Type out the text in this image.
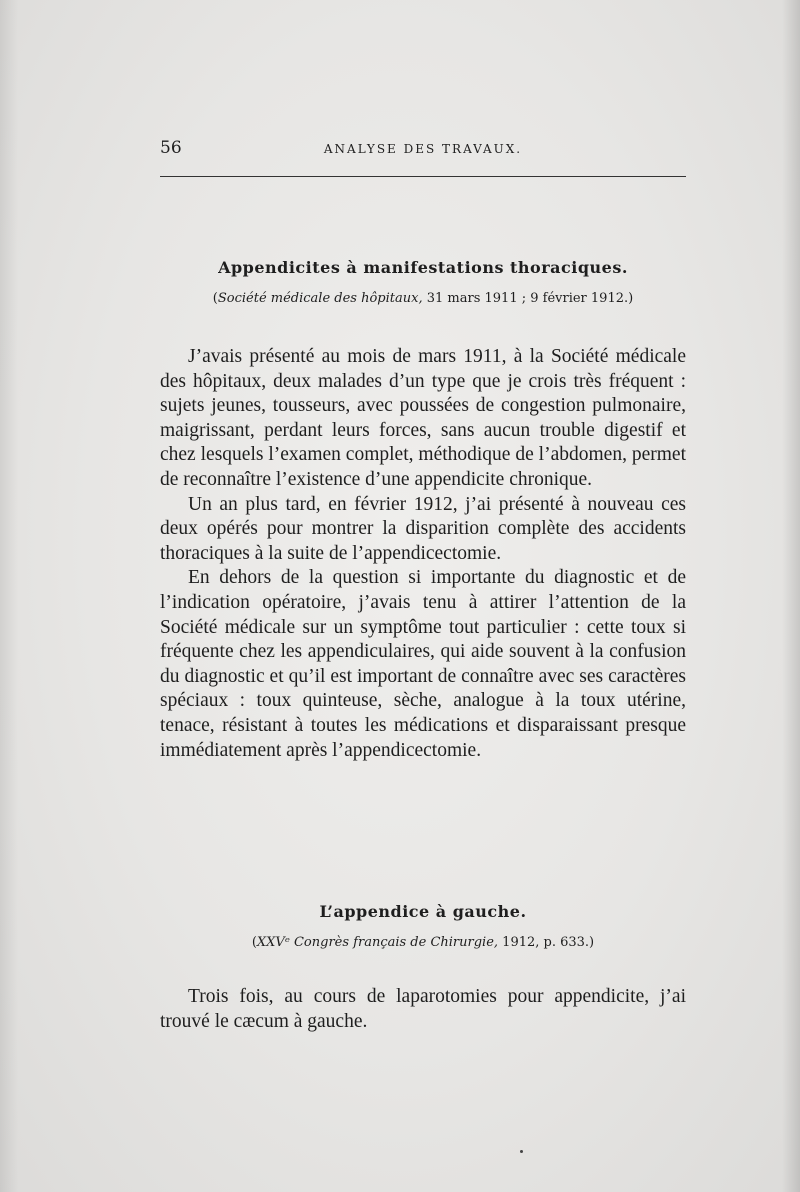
56	ANALYSE DES TRAVAUX.
Appendicites à manifestations thoraciques.
(Société médicale des hôpitaux, 31 mars 1911 ; 9 février 1912.)

J’avais présenté au mois de mars 1911, à la Société médicale des hôpitaux, deux malades d’un type que je crois très fréquent : sujets jeunes, tousseurs, avec poussées de congestion pulmonaire, maigrissant, perdant leurs forces, sans aucun trouble digestif et chez lesquels l’examen complet, méthodique de l’abdomen, permet de reconnaître l’existence d’une appendicite chronique.

Un an plus tard, en février 1912, j’ai présenté à nouveau ces deux opérés pour montrer la disparition complète des accidents thoraciques à la suite de l’appendicectomie.

En dehors de la question si importante du diagnostic et de l’indication opératoire, j’avais tenu à attirer l’attention de la Société médicale sur un symptôme tout particulier : cette toux si fréquente chez les appendiculaires, qui aide souvent à la confusion du diagnostic et qu’il est important de connaître avec ses caractères spéciaux : toux quinteuse, sèche, analogue à la toux utérine, tenace, résistant à toutes les médications et disparaissant presque immédiatement après l’appendicectomie.

L’appendice à gauche.
(XXVᵉ Congrès français de Chirurgie, 1912, p. 633.)

Trois fois, au cours de laparotomies pour appendicite, j’ai trouvé le cæcum à gauche.
